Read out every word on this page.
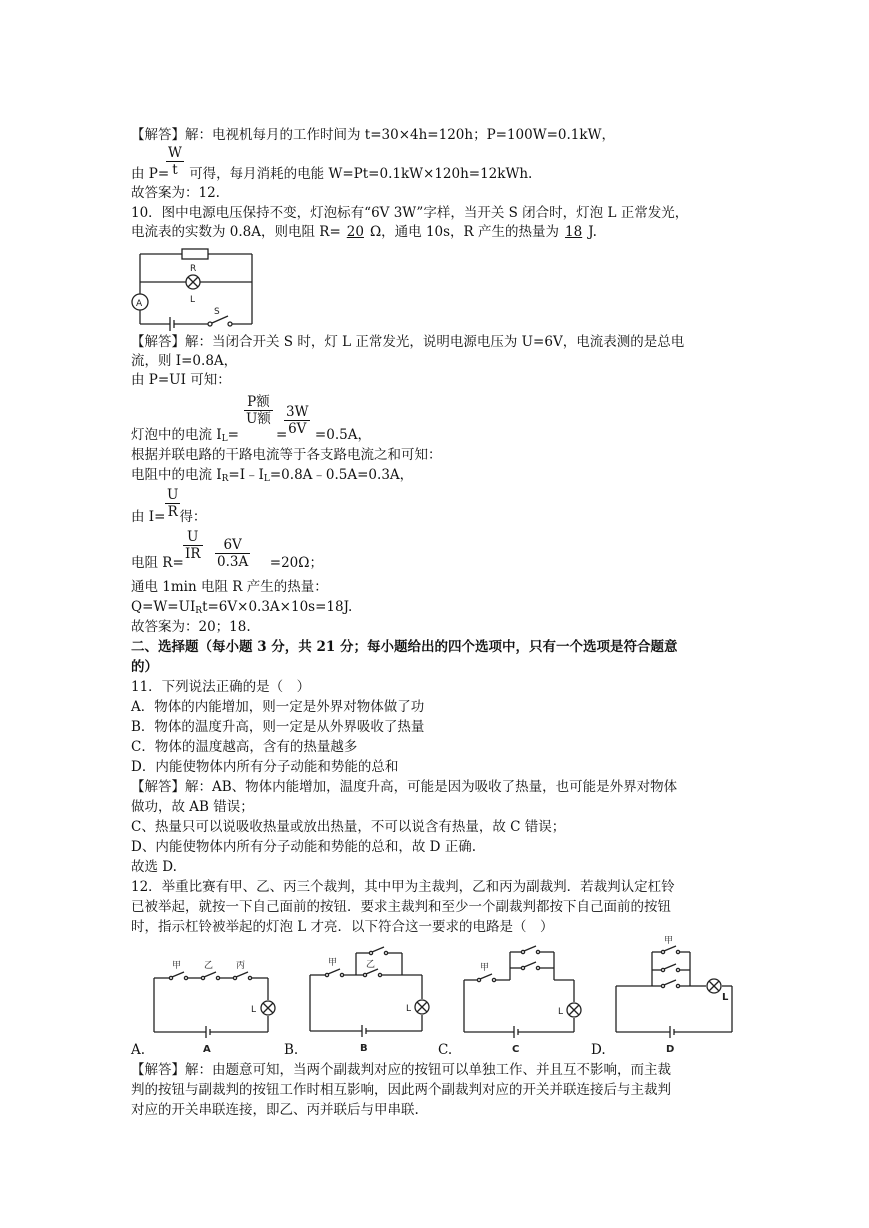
【解答】解：电视机每月的工作时间为 t=30×4h=120h；P=100W=0.1kW，
由 P= 可得，每月消耗的电能 W=Pt=0.1kW×120h=12kWh.
$\frac{W}{t}$
故答案为：12.
10．图中电源电压保持不变，灯泡标有“6V 3W”字样，当开关 S 闭合时，灯泡 L 正常发光，
电流表的实数为 0.8A，则电阻 R= 20 Ω，通电 10s，R 产生的热量为 18 J.
A
R
L
S
【解答】解：当闭合开关 S 时，灯 L 正常发光，说明电源电压为 U=6V，电流表测的是总电
流，则 I=0.8A，
由 P=UI 可知：
灯泡中的电流 $I_L=$	=0.5A，
P额
U额
=
$\frac{3W}{6V}$
根据并联电路的干路电流等于各支路电流之和可知：
电阻中的电流 $I_R=I﹣I_L=0.8A﹣0.5A=0.3A$，
由 I= 得：
$\frac{U}{R}$
电阻 R=	=20Ω；
$\frac{U}{IR} \frac{6V}{0.3A}$
通电 1min 电阻 R 产生的热量：
$Q=W=UI_Rt=6V\times 0.3A\times 10s=18J$.
故答案为：20；18.
二、选择题（每小题 3 分，共 21 分；每小题给出的四个选项中，只有一个选项是符合题意
的）
11．下列说法正确的是（　）
A．物体的内能增加，则一定是外界对物体做了功
B．物体的温度升高，则一定是从外界吸收了热量
C．物体的温度越高，含有的热量越多
D．内能使物体内所有分子动能和势能的总和
【解答】解：AB、物体内能增加，温度升高，可能是因为吸收了热量，也可能是外界对物体
做功，故 AB 错误；
C、热量只可以说吸收热量或放出热量，不可以说含有热量，故 C 错误；
D、内能使物体内所有分子动能和势能的总和，故 D 正确.
故选 D.
12．举重比赛有甲、乙、丙三个裁判，其中甲为主裁判，乙和丙为副裁判．若裁判认定杠铃
已被举起，就按一下自己面前的按钮．要求主裁判和至少一个副裁判都按下自己面前的按钮
时，指示杠铃被举起的灯泡 L 才亮．以下符合这一要求的电路是（　）
甲	乙	丙
L
A
甲	乙
L
B
甲
L
C
甲
L
D
A.	B.	C.	D.
【解答】解：由题意可知，当两个副裁判对应的按钮可以单独工作、并且互不影响，而主裁
判的按钮与副裁判的按钮工作时相互影响，因此两个副裁判对应的开关并联连接后与主裁判
对应的开关串联连接，即乙、丙并联后与甲串联.
